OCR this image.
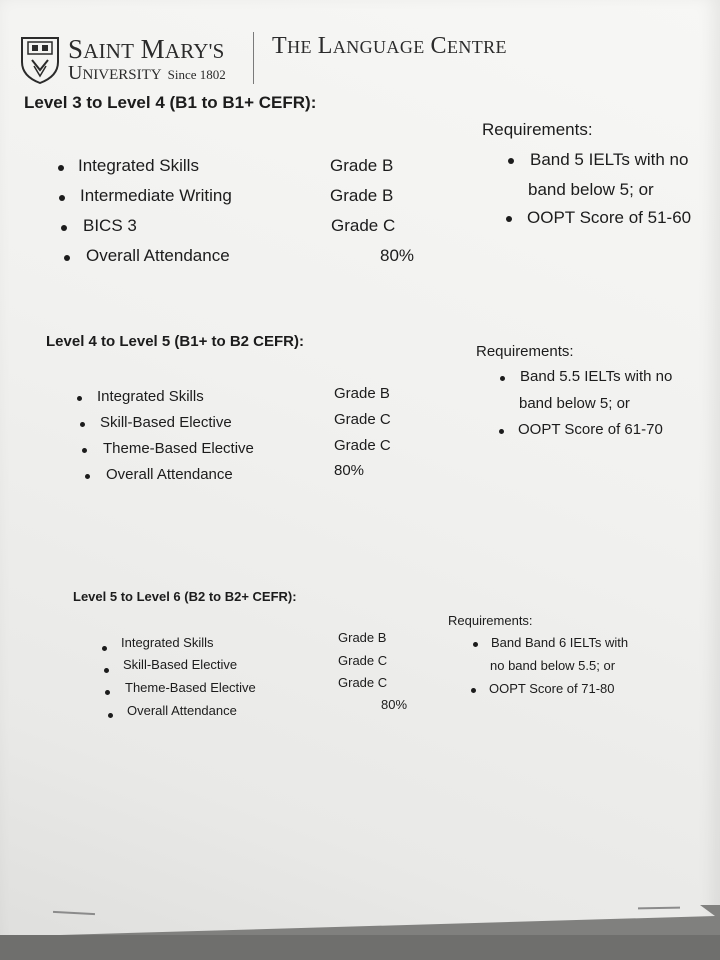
SAINT MARY'S
UNIVERSITY Since 1802
THE LANGUAGE CENTRE
Level 3 to Level 4 (B1 to B1+ CEFR):
Integrated Skills	Grade B
Intermediate Writing	Grade B
BICS 3	Grade C
Overall Attendance	80%
Requirements:
Band 5 IELTs with no
band below 5; or
OOPT Score of 51-60
Level 4 to Level 5 (B1+ to B2 CEFR):
Integrated Skills	Grade B
Skill-Based Elective	Grade C
Theme-Based Elective	Grade C
Overall Attendance	80%
Requirements:
Band 5.5 IELTs with no
band below 5; or
OOPT Score of 61-70
Level 5 to Level 6 (B2 to B2+ CEFR):
Integrated Skills	Grade B
Skill-Based Elective	Grade C
Theme-Based Elective	Grade C
Overall Attendance	80%
Requirements:
Band Band 6 IELTs with
no band below 5.5; or
OOPT Score of 71-80
